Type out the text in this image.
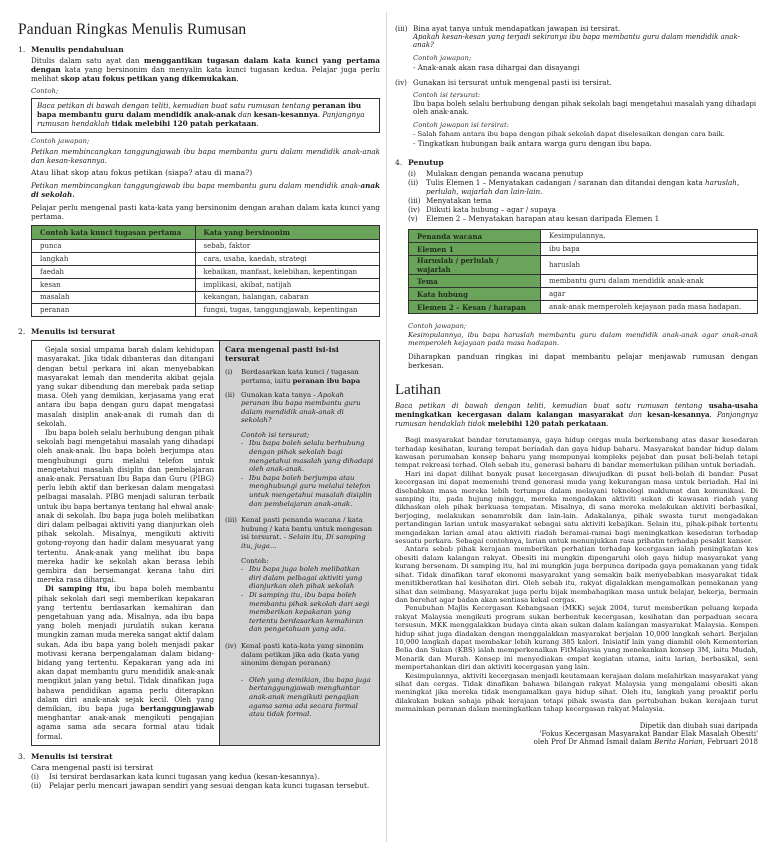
Panduan Ringkas Menulis Rumusan
1. Menulis pendahuluan

Ditulis dalam satu ayat dan menggantikan tugasan dalam kata kunci yang pertama dengan kata yang bersinonim dan menyalin kata kunci tugasan kedua. Pelajar juga perlu melihat skop atau fokus petikan yang dikemukakan.

Contoh;
Baca petikan di bawah dengan teliti, kemudian buat satu rumusan tentang peranan ibu bapa membantu guru dalam mendidik anak-anak dan kesan-kesannya. Panjangnya rumusan hendaklah tidak melebihi 120 patah perkataan.
Contoh jawapan;

Petikan membincangkan tanggungjawab ibu bapa membantu guru dalam mendidik anak-anak dan kesan-kesannya.

Atau lihat skop atau fokus petikan (siapa? atau di mana?)

Petikan membincangkan tanggungjawab ibu bapa membantu guru dalam mendidik anak-anak di sekolah.

Pelajar perlu mengenal pasti kata-kata yang bersinonim dengan arahan dalam kata kunci yang pertama.

Contoh kata kunci tugasan pertama	Kata yang bersinonim
punca	sebab, faktor
langkah	cara, usaha, kaedah, strategi
faedah	kebaikan, manfaat, kelebihan, kepentingan
kesan	implikasi, akibat, natijah
masalah	kekangan, halangan, cabaran
peranan	fungsi, tugas, tanggungjawab, kepentingan
2. Menulis isi tersurat

Gejala sosial umpama barah dalam kehidupan masyarakat. Jika tidak dibanteras dan ditangani dengan betul perkara ini akan menyebabkan masyarakat lemah dan menderita akibat gejala yang sukar dibendung dan merebak pada setiap masa. Oleh yang demikian, kerjasama yang erat antara ibu bapa dengan guru dapat mengatasi masalah disiplin anak-anak di rumah dan di sekolah.

Ibu bapa boleh selalu berhubung dengan pihak sekolah bagi mengetahui masalah yang dihadapi oleh anak-anak. Ibu bapa boleh berjumpa atau menghubungi guru melalui telefon untuk mengetahui masalah disiplin dan pembelajaran anak-anak. Persatuan Ibu Bapa dan Guru (PIBG) perlu lebih aktif dan berkesan dalam mengatasi pelbagai masalah. PIBG menjadi saluran terbaik untuk ibu bapa bertanya tentang hal ehwal anak-anak di sekolah. Ibu bapa juga boleh melibatkan diri dalam pelbagai aktiviti yang dianjurkan oleh pihak sekolah. Misalnya, mengikuti aktiviti gotong-royong dan hadir dalam mesyuarat yang tertentu. Anak-anak yang melihat ibu bapa mereka hadir ke sekolah akan berasa lebih gembira dan bersemangat kerana tahu diri mereka rasa dihargai.

Di samping itu, ibu bapa boleh membantu pihak sekolah dari segi memberikan kepakaran yang tertentu berdasarkan kemahiran dan pengetahuan yang ada. Misalnya, ada ibu bapa yang boleh menjadi jurulatih sukan kerana mungkin zaman muda mereka sangat aktif dalam sukan. Ada ibu bapa yang boleh menjadi pakar motivasi kerana berpengalaman dalam bidang-bidang yang tertentu. Kepakaran yang ada ini akan dapat membantu guru mendidik anak-anak mengikut jalan yang betul. Tidak dinafikan juga bahawa pendidikan agama perlu diterapkan dalam diri anak-anak sejak kecil. Oleh yang demikian, ibu bapa juga bertanggungjawab menghantar anak-anak mengikuti pengajian agama sama ada secara formal atau tidak formal.

Cara mengenal pasti isi-isi tersurat
(i)	Berdasarkan kata kunci / tugasan pertama, iaitu peranan ibu bapa
(ii) Gunakan kata tanya - Apakah peranan ibu bapa membantu guru dalam mendidik anak-anak di sekolah?
Contoh isi tersurat;
- Ibu bapa boleh selalu berhubung dengan pihak sekolah bagi mengetahui masalah yang dihadapi oleh anak-anak.
- Ibu bapa boleh berjumpa atau menghubungi guru melalui telefon untuk mengetahui masalah disiplin dan pembelajaran anak-anak.
(iii) Kenal pasti penanda wacana / kata hubung / kata bantu untuk mengesan isi tersurat. - Selain itu, Di samping itu, juga...
Contoh:
- Ibu bapa juga boleh melibatkan diri dalam pelbagai aktiviti yang dianjurkan oleh pihak sekolah
- Di samping itu, ibu bapa boleh membantu pihak sekolah dari segi memberikan kepakaran yang tertentu berdasarkan kemahiran dan pengetahuan yang ada.
(iv) Kenal pasti kata-kata yang sinonim dalam petikan jika ada (kata yang sinonim dengan peranan)
- Oleh yang demikian, ibu bapa juga bertanggungjawab menghantar anak-anak mengikuti pengajian agama sama ada secara formal atau tidak formal.
3. Menulis isi tersirat
Cara mengenal pasti isi tersirat
(i)	Isi tersirat berdasarkan kata kunci tugasan yang kedua (kesan-kesannya).
(ii)	Pelajar perlu mencari jawapan sendiri yang sesuai dengan kata kunci tugasan tersebut.
(iii) Bina ayat tanya untuk mendapatkan jawapan isi tersirat.
Apakah kesan-kesan yang terjadi sekiranya ibu bapa membantu guru dalam mendidik anak-anak?
Contoh jawapan;
- Anak-anak akan rasa dihargai dan disayangi
(iv) Gunakan isi tersurat untuk mengenal pasti isi tersirat.
Contoh isi tersurat:
Ibu bapa boleh selalu berhubung dengan pihak sekolah bagi mengetahui masalah yang dihadapi oleh anak-anak.
Contoh jawapan isi tersirat:
- Salah faham antara ibu bapa dengan pihak sekolah dapat diselesaikan dengan cara baik.
- Tingkatkan hubungan baik antara warga guru dengan ibu bapa.
4. Penutup
(i)	Mulakan dengan penanda wacana penutup
(ii)	Tulis Elemen 1 – Menyatakan cadangan / saranan dan ditandai dengan kata haruslah, perlulah, wajarlah dan lain-lain.
(iii) Menyatakan tema
(iv) Diikuti kata hubung – agar / supaya
(v)	Elemen 2 – Menyatakan harapan atau kesan daripada Elemen 1
Penanda wacana	Kesimpulannya,
Elemen 1	ibu bapa
Haruslah / perlulah / wajarlah	haruslah
Tema	membantu guru dalam mendidik anak-anak
Kata hubung	agar
Elemen 2 – Kesan / harapan	anak-anak memperoleh kejayaan pada masa hadapan.
Contoh jawapan;

Kesimpulannya, ibu bapa haruslah membantu guru dalam mendidik anak-anak agar anak-anak memperoleh kejayaan pada masa hadapan.

Diharapkan panduan ringkas ini dapat membantu pelajar menjawab rumusan dengan berkesan.

Latihan

Baca petikan di bawah dengan teliti, kemudian buat satu rumusan tentang usaha-usaha meningkatkan kecergasan dalam kalangan masyarakat dan kesan-kesannya. Panjangnya rumusan hendaklah tidak melebihi 120 patah perkataan.

Bagi masyarakat bandar terutamanya, gaya hidup cergas mula berkembang atas dasar kesedaran terhadap kesihatan, kurang tempat beriadah dan gaya hidup baharu. Masyarakat bandar hidup dalam kawasan perumahan konsep baharu yang mempunyai kompleks pejabat dan pusat beli-belah tetapi tempat rekreasi terhad. Oleh sebab itu, generasi baharu di bandar memerlukan pilihan untuk beriadah.

Hari ini dapat dilihat banyak pusat kecergasan diwujudkan di pusat beli-belah di bandar. Pusat kecergasan ini dapat memenuhi trend generasi muda yang kekurangan masa untuk beriadah. Hal ini disebabkan masa mereka lebih tertumpu dalam melayani teknologi maklumat dan komunikasi. Di samping itu, pada hujung minggu, mereka mengadakan aktiviti sukan di kawasan riadah yang dikhaskan oleh pihak berkuasa tempatan. Misalnya, di sana mereka melakukan aktiviti berbasikal, berjoging, melakukan senamrobik dan lain-lain. Adakalanya, pihak swasta turut mengadakan pertandingan larian untuk masyarakat sebagai satu aktiviti kebajikan. Selain itu, pihak-pihak tertentu mengadakan larian amal atau aktiviti riadah beramai-ramai bagi meningkatkan kesedaran terhadap sesuatu perkara. Sebagai contohnya, larian untuk menunjukkan rasa prihatin terhadap pesakit kanser.

Antara sebab pihak kerajaan memberikan perhatian terhadap kecergasan ialah peningkatan kes obesiti dalam kalangan rakyat. Obesiti ini mungkin dipengaruhi oleh gaya hidup masyarakat yang kurang bersenam. Di samping itu, hal ini mungkin juga berpunca daripada gaya pemakanan yang tidak sihat. Tidak dinafikan taraf ekonomi masyarakat yang semakin baik menyebabkan masyarakat tidak menitikberatkan hal kesihatan diri. Oleh sebab itu, rakyat digalakkan mengamalkan pemakanan yang sihat dan seimbang. Masyarakat juga perlu bijak membahagikan masa untuk belajar, bekerja, bermain dan berehat agar badan akan sentiasa kekal cergas.

Penubuhan Majlis Kecergasan Kebangsaan (MKK) sejak 2004, turut memberikan peluang kepada rakyat Malaysia mengikuti program sukan berbentuk kecergasan, kesihatan dan perpaduan secara tersusun. MKK menggalakkan budaya cinta akan sukan dalam kalangan masyarakat Malaysia. Kempen hidup sihat juga diadakan dengan menggalakkan masyarakat berjalan 10,000 langkah sehari. Berjalan 10,000 langkah dapat membakar lebih kurang 385 kalori. Inisiatif lain yang diambil oleh Kementerian Belia dan Sukan (KBS) ialah memperkenalkan FitMalaysia yang menekankan konsep 3M, iaitu Mudah, Menarik dan Murah. Konsep ini menyediakan empat kegiatan utama, iaitu larian, berbasikal, seni mempertahankan diri dan aktiviti kecergasan yang lain.

Kesimpulannya, aktiviti kecergasan menjadi keutamaan kerajaan dalam melahirkan masyarakat yang sihat dan cergas. Tidak dinafikan bahawa bilangan rakyat Malaysia yang mengalami obesiti akan meningkat jika mereka tidak mengamalkan gaya hidup sihat. Oleh itu, langkah yang proaktif perlu dilakukan bukan sahaja pihak kerajaan tetapi pihak swasta dan pertubuhan bukan kerajaan turut memainkan peranan dalam meningkatkan tahap kecergasan rakyat Malaysia.

Dipetik dan diubah suai daripada
'Fokus Kecergasan Masyarakat Bandar Elak Masalah Obesiti'
oleh Prof Dr Ahmad Ismail dalam Berita Harian, Februari 2018
